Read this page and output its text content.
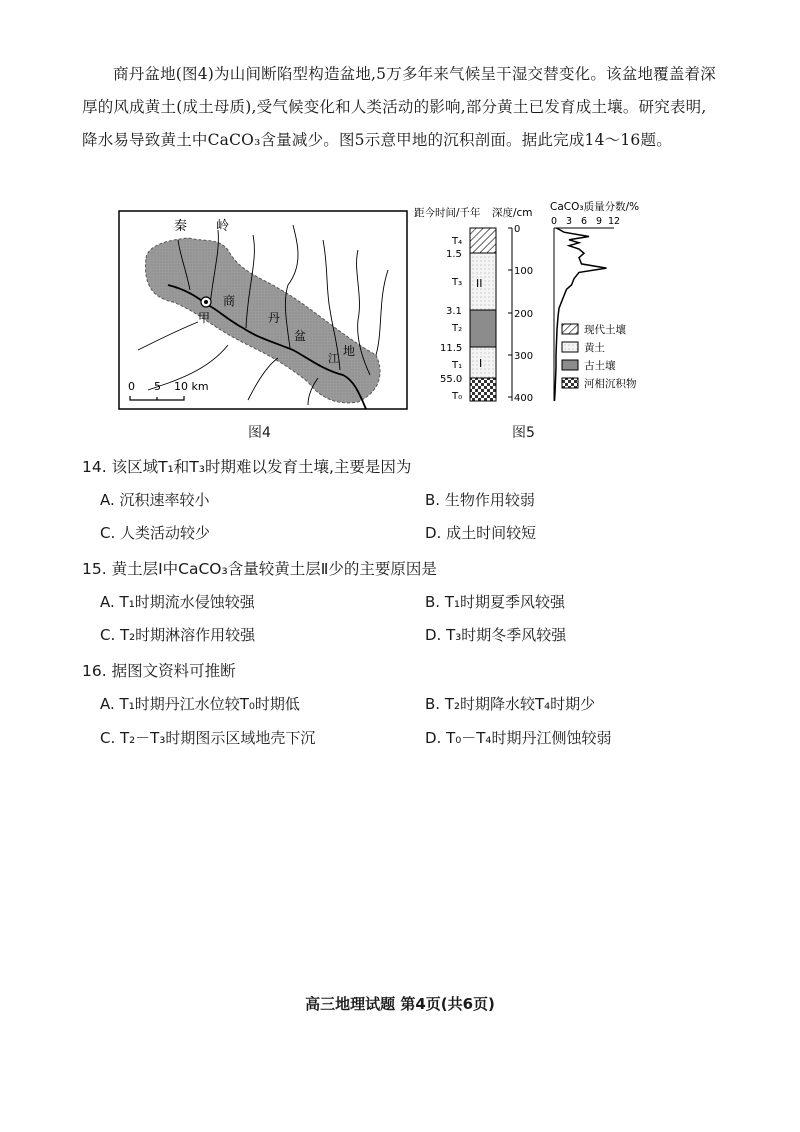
商丹盆地(图4)为山间断陷型构造盆地,5万多年来气候呈干湿交替变化。该盆地覆盖着深厚的风成黄土(成土母质),受气候变化和人类活动的影响,部分黄土已发育成土壤。研究表明,降水易导致黄土中CaCO₃含量减少。图5示意甲地的沉积剖面。据此完成14～16题。

秦 岭
商
丹
盆
地
江
甲
0 5 10 km
图4
距今时间/千年 深度/cm CaCO₃质量分数/%
II
I
T₄
1.5
T₃
3.1
T₂
11.5
T₁
55.0
T₀
0
100
200
300
400
0 3 6 9 12
现代土壤
黄土
古土壤
河相沉积物
图5
14. 该区域T₁和T₃时期难以发育土壤,主要是因为
A. 沉积速率较小	B. 生物作用较弱
C. 人类活动较少	D. 成土时间较短
15. 黄土层Ⅰ中CaCO₃含量较黄土层Ⅱ少的主要原因是
A. T₁时期流水侵蚀较强	B. T₁时期夏季风较强
C. T₂时期淋溶作用较强	D. T₃时期冬季风较强
16. 据图文资料可推断
A. T₁时期丹江水位较T₀时期低	B. T₂时期降水较T₄时期少
C. T₂－T₃时期图示区域地壳下沉	D. T₀－T₄时期丹江侧蚀较弱
高三地理试题 第4页(共6页)
